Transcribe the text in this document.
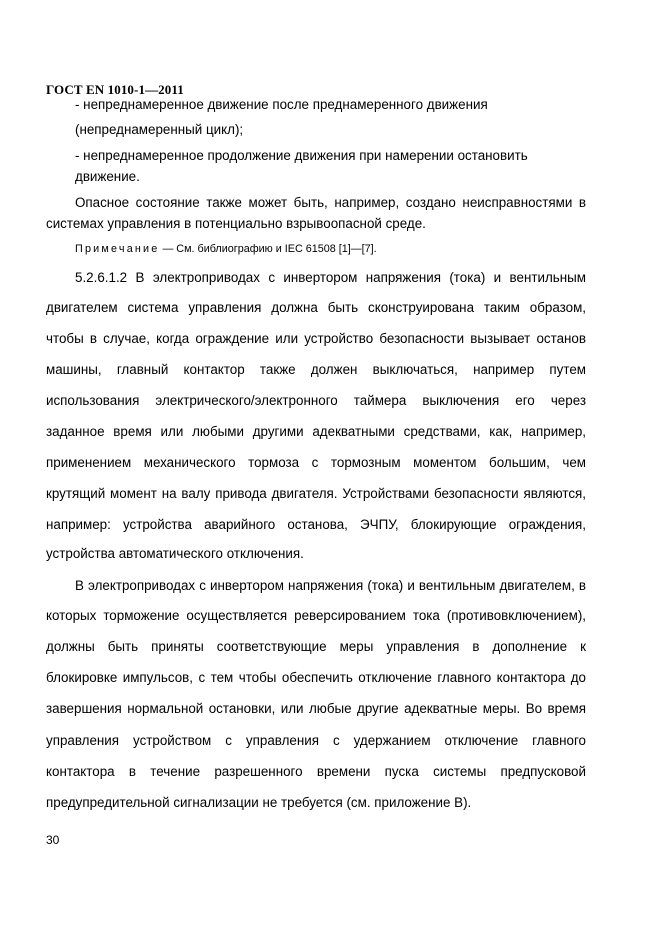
ГОСТ EN 1010-1—2011
- непреднамеренное движение после преднамеренного движения
(непреднамеренный цикл);
- непреднамеренное продолжение движения при намерении остановить
движение.
Опасное состояние также может быть, например, создано неисправностями в
системах управления в потенциально взрывоопасной среде.
Примечание — См. библиографию и IEC 61508 [1]—[7].
5.2.6.1.2 В электроприводах с инвертором напряжения (тока) и вентильным
двигателем система управления должна быть сконструирована таким образом,
чтобы в случае, когда ограждение или устройство безопасности вызывает останов
машины, главный контактор также должен выключаться, например путем
использования электрического/электронного таймера выключения его через
заданное время или любыми другими адекватными средствами, как, например,
применением механического тормоза с тормозным моментом большим, чем
крутящий момент на валу привода двигателя. Устройствами безопасности являются,
например: устройства аварийного останова, ЭЧПУ, блокирующие ограждения,
устройства автоматического отключения.
В электроприводах с инвертором напряжения (тока) и вентильным двигателем, в
которых торможение осуществляется реверсированием тока (противовключением),
должны быть приняты соответствующие меры управления в дополнение к
блокировке импульсов, с тем чтобы обеспечить отключение главного контактора до
завершения нормальной остановки, или любые другие адекватные меры. Во время
управления устройством с управления с удержанием отключение главного
контактора в течение разрешенного времени пуска системы предпусковой
предупредительной сигнализации не требуется (см. приложение В).
30
